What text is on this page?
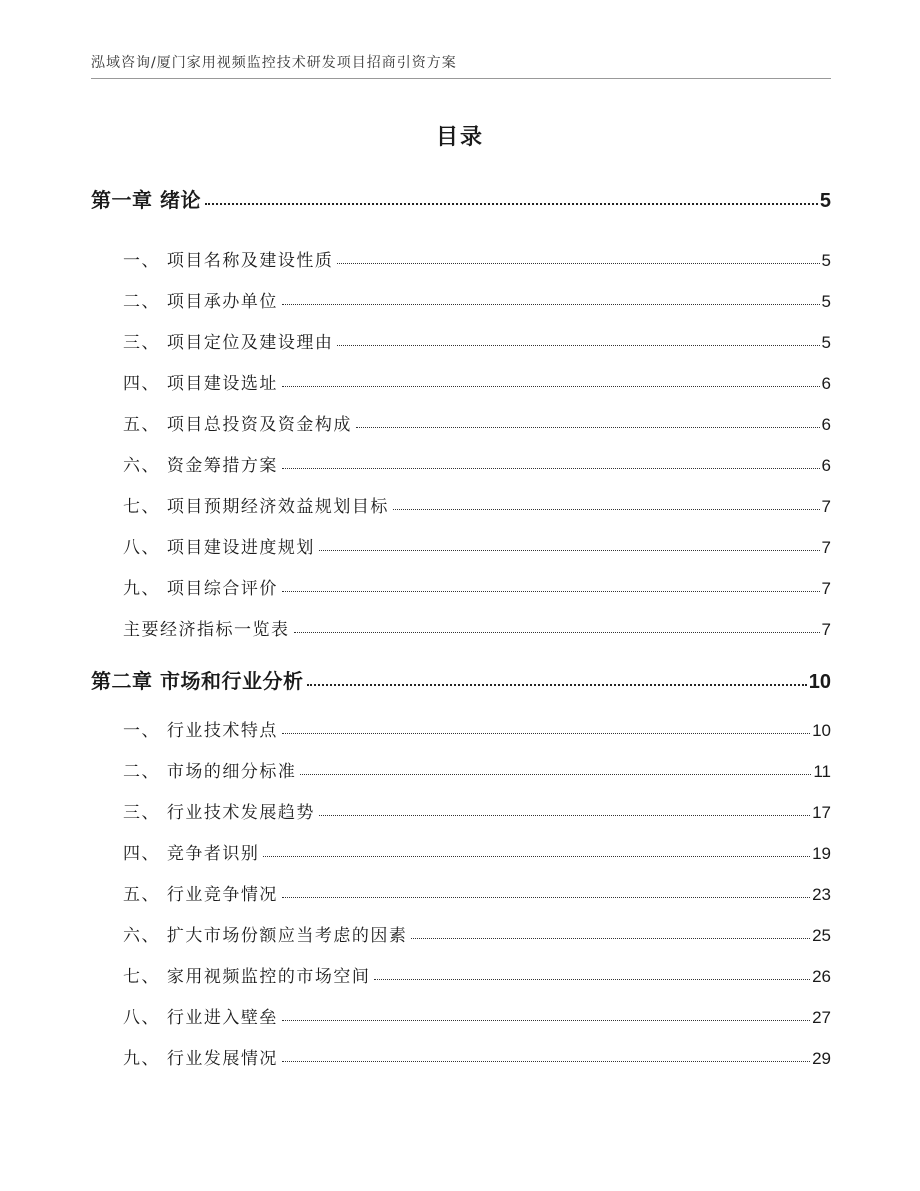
泓域咨询/厦门家用视频监控技术研发项目招商引资方案
目录
第一章 绪论	5
一、 项目名称及建设性质	5
二、 项目承办单位	5
三、 项目定位及建设理由	5
四、 项目建设选址	6
五、 项目总投资及资金构成	6
六、 资金筹措方案	6
七、 项目预期经济效益规划目标	7
八、 项目建设进度规划	7
九、 项目综合评价	7
主要经济指标一览表	7
第二章 市场和行业分析	10
一、 行业技术特点	10
二、 市场的细分标准	11
三、 行业技术发展趋势	17
四、 竞争者识别	19
五、 行业竞争情况	23
六、 扩大市场份额应当考虑的因素	25
七、 家用视频监控的市场空间	26
八、 行业进入壁垒	27
九、 行业发展情况	29
